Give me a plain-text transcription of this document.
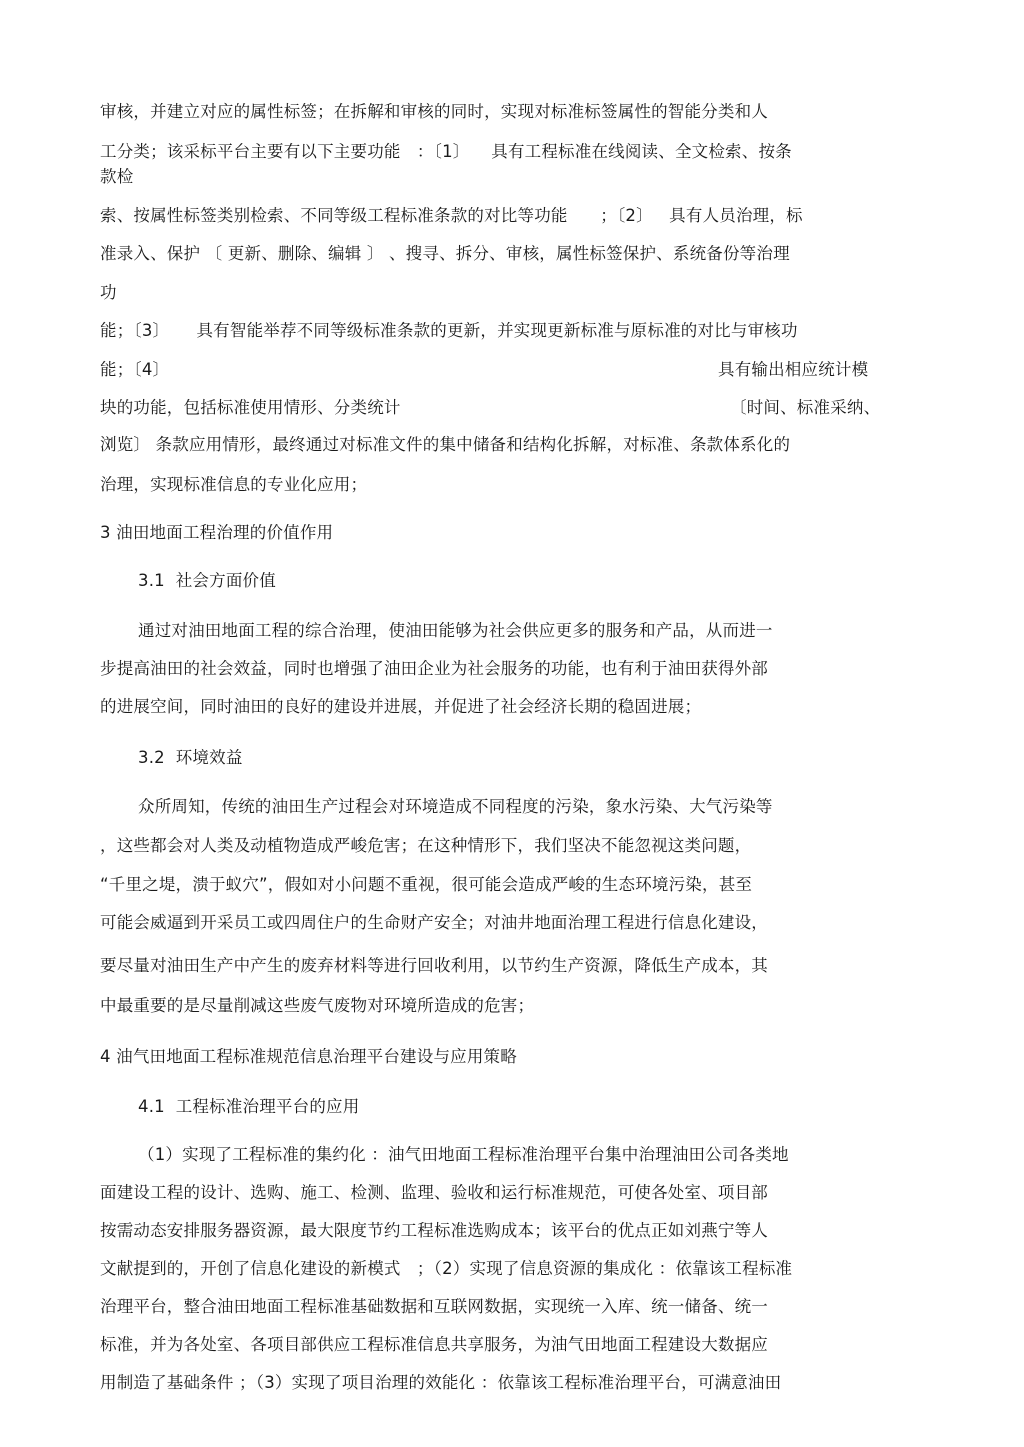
审核，并建立对应的属性标签；在拆解和审核的同时，实现对标准标签属性的智能分类和人
工分类；该采标平台主要有以下主要功能   ：〔1〕    具有工程标准在线阅读、全文检索、按条
款检
索、按属性标签类别检索、不同等级工程标准条款的对比等功能      ；〔2〕   具有人员治理，标
准录入、保护 〔 更新、删除、编辑 〕 、搜寻、拆分、审核，属性标签保护、系统备份等治理
功
能；〔3〕     具有智能举荐不同等级标准条款的更新，并实现更新标准与原标准的对比与审核功
能；〔4〕	具有输出相应统计模
块的功能，包括标准使用情形、分类统计	〔时间、标准采纳、
浏览〕 条款应用情形，最终通过对标准文件的集中储备和结构化拆解，对标准、条款体系化的
治理，实现标准信息的专业化应用；
3 油田地面工程治理的价值作用
3.1  社会方面价值
通过对油田地面工程的综合治理，使油田能够为社会供应更多的服务和产品，从而进一
步提高油田的社会效益，同时也增强了油田企业为社会服务的功能，也有利于油田获得外部
的进展空间，同时油田的良好的建设并进展，并促进了社会经济长期的稳固进展；
3.2  环境效益
众所周知，传统的油田生产过程会对环境造成不同程度的污染，象水污染、大气污染等
，这些都会对人类及动植物造成严峻危害；在这种情形下，我们坚决不能忽视这类问题，
“千里之堤，溃于蚁穴”，假如对小问题不重视，很可能会造成严峻的生态环境污染，甚至
可能会威逼到开采员工或四周住户的生命财产安全；对油井地面治理工程进行信息化建设，
要尽量对油田生产中产生的废弃材料等进行回收利用，以节约生产资源，降低生产成本，其
中最重要的是尽量削减这些废气废物对环境所造成的危害；
4 油气田地面工程标准规范信息治理平台建设与应用策略
4.1  工程标准治理平台的应用
（1）实现了工程标准的集约化 ：油气田地面工程标准治理平台集中治理油田公司各类地
面建设工程的设计、选购、施工、检测、监理、验收和运行标准规范，可使各处室、项目部
按需动态安排服务器资源，最大限度节约工程标准选购成本；该平台的优点正如刘燕宁等人
文献提到的，开创了信息化建设的新模式   ；（2）实现了信息资源的集成化 ：依靠该工程标准
治理平台，整合油田地面工程标准基础数据和互联网数据，实现统一入库、统一储备、统一
标准，并为各处室、各项目部供应工程标准信息共享服务，为油气田地面工程建设大数据应
用制造了基础条件 ；（3）实现了项目治理的效能化 ：依靠该工程标准治理平台，可满意油田
